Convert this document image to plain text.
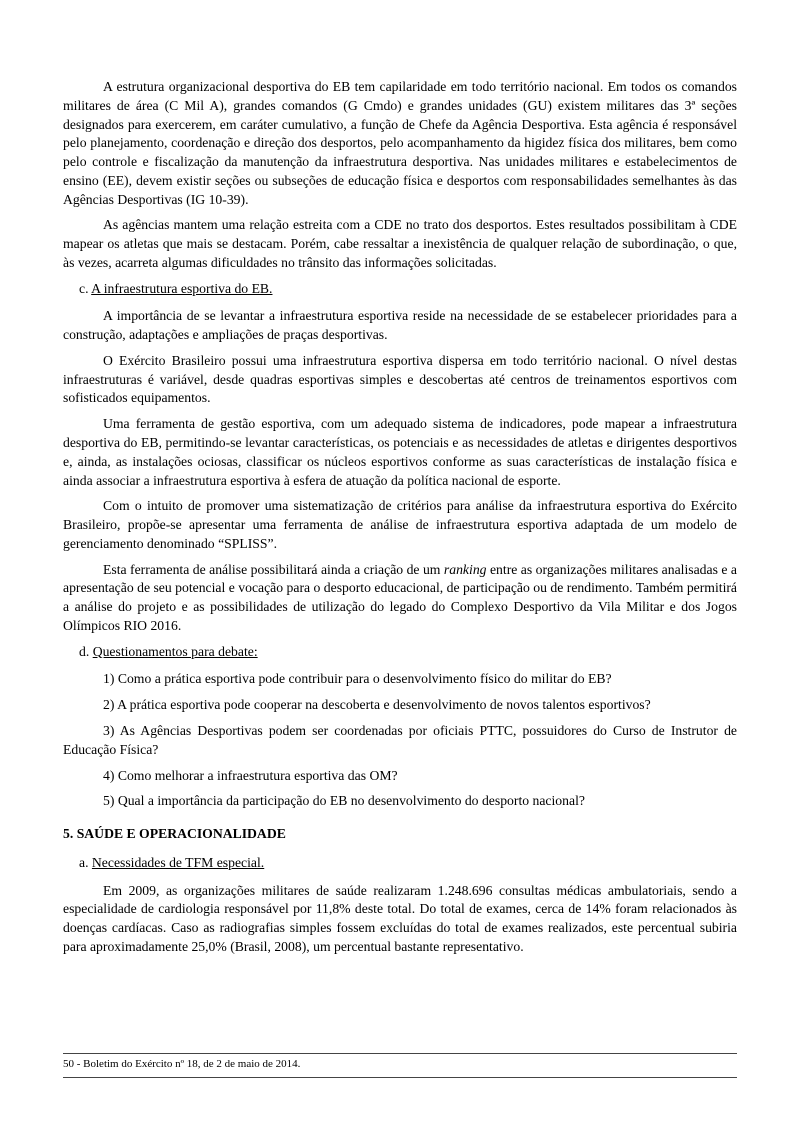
A estrutura organizacional desportiva do EB tem capilaridade em todo território nacional. Em todos os comandos militares de área (C Mil A), grandes comandos (G Cmdo) e grandes unidades (GU) existem militares das 3ª seções designados para exercerem, em caráter cumulativo, a função de Chefe da Agência Desportiva. Esta agência é responsável pelo planejamento, coordenação e direção dos desportos, pelo acompanhamento da higidez física dos militares, bem como pelo controle e fiscalização da manutenção da infraestrutura desportiva. Nas unidades militares e estabelecimentos de ensino (EE), devem existir seções ou subseções de educação física e desportos com responsabilidades semelhantes às das Agências Desportivas (IG 10-39).

As agências mantem uma relação estreita com a CDE no trato dos desportos. Estes resultados possibilitam à CDE mapear os atletas que mais se destacam. Porém, cabe ressaltar a inexistência de qualquer relação de subordinação, o que, às vezes, acarreta algumas dificuldades no trânsito das informações solicitadas.

c. A infraestrutura esportiva do EB.

A importância de se levantar a infraestrutura esportiva reside na necessidade de se estabelecer prioridades para a construção, adaptações e ampliações de praças desportivas.

O Exército Brasileiro possui uma infraestrutura esportiva dispersa em todo território nacional. O nível destas infraestruturas é variável, desde quadras esportivas simples e descobertas até centros de treinamentos esportivos com sofisticados equipamentos.

Uma ferramenta de gestão esportiva, com um adequado sistema de indicadores, pode mapear a infraestrutura desportiva do EB, permitindo-se levantar características, os potenciais e as necessidades de atletas e dirigentes desportivos e, ainda, as instalações ociosas, classificar os núcleos esportivos conforme as suas características de instalação física e ainda associar a infraestrutura esportiva à esfera de atuação da política nacional de esporte.

Com o intuito de promover uma sistematização de critérios para análise da infraestrutura esportiva do Exército Brasileiro, propõe-se apresentar uma ferramenta de análise de infraestrutura esportiva adaptada de um modelo de gerenciamento denominado “SPLISS”.

Esta ferramenta de análise possibilitará ainda a criação de um ranking entre as organizações militares analisadas e a apresentação de seu potencial e vocação para o desporto educacional, de participação ou de rendimento. Também permitirá a análise do projeto e as possibilidades de utilização do legado do Complexo Desportivo da Vila Militar e dos Jogos Olímpicos RIO 2016.

d. Questionamentos para debate:

1) Como a prática esportiva pode contribuir para o desenvolvimento físico do militar do EB?

2) A prática esportiva pode cooperar na descoberta e desenvolvimento de novos talentos esportivos?

3) As Agências Desportivas podem ser coordenadas por oficiais PTTC, possuidores do Curso de Instrutor de Educação Física?

4) Como melhorar a infraestrutura esportiva das OM?

5) Qual a importância da participação do EB no desenvolvimento do desporto nacional?

5. SAÚDE E OPERACIONALIDADE
a. Necessidades de TFM especial.

Em 2009, as organizações militares de saúde realizaram 1.248.696 consultas médicas ambulatoriais, sendo a especialidade de cardiologia responsável por 11,8% deste total. Do total de exames, cerca de 14% foram relacionados às doenças cardíacas. Caso as radiografias simples fossem excluídas do total de exames realizados, este percentual subiria para aproximadamente 25,0% (Brasil, 2008), um percentual bastante representativo.

50 - Boletim do Exército nº 18, de 2 de maio de 2014.
